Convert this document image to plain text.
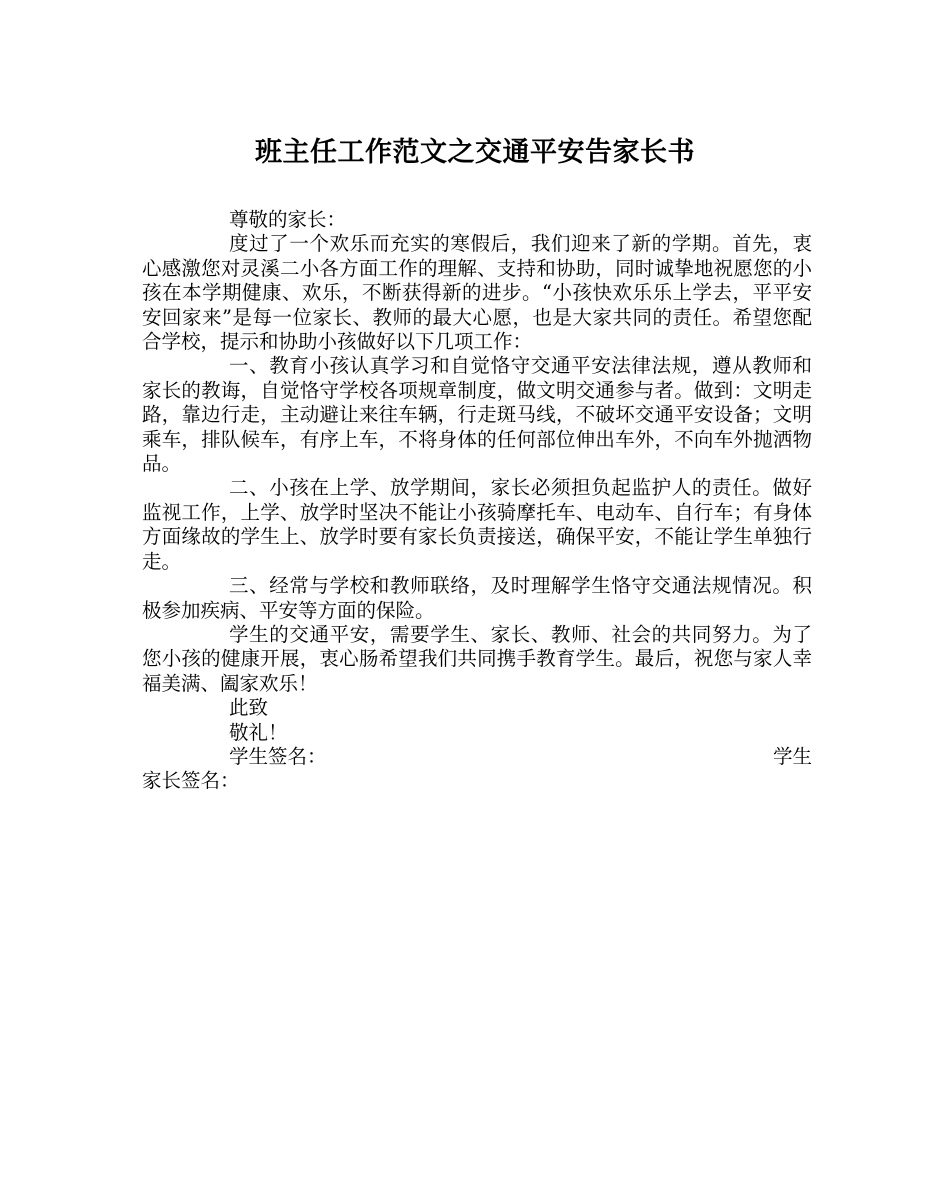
班主任工作范文之交通平安告家长书

尊敬的家长：

度过了一个欢乐而充实的寒假后，我们迎来了新的学期。首先，衷心感激您对灵溪二小各方面工作的理解、支持和协助，同时诚挚地祝愿您的小孩在本学期健康、欢乐，不断获得新的进步。“小孩快欢乐乐上学去，平平安安回家来”是每一位家长、教师的最大心愿，也是大家共同的责任。希望您配合学校，提示和协助小孩做好以下几项工作：

一、教育小孩认真学习和自觉恪守交通平安法律法规，遵从教师和家长的教诲，自觉恪守学校各项规章制度，做文明交通参与者。做到：文明走路，靠边行走，主动避让来往车辆，行走斑马线，不破坏交通平安设备；文明乘车，排队候车，有序上车，不将身体的任何部位伸出车外，不向车外抛洒物品。

二、小孩在上学、放学期间，家长必须担负起监护人的责任。做好监视工作，上学、放学时坚决不能让小孩骑摩托车、电动车、自行车；有身体方面缘故的学生上、放学时要有家长负责接送，确保平安，不能让学生单独行走。

三、经常与学校和教师联络，及时理解学生恪守交通法规情况。积极参加疾病、平安等方面的保险。

学生的交通平安，需要学生、家长、教师、社会的共同努力。为了您小孩的健康开展，衷心肠希望我们共同携手教育学生。最后，祝您与家人幸福美满、阖家欢乐！

此致

敬礼！

学生签名：	学生

家长签名：
